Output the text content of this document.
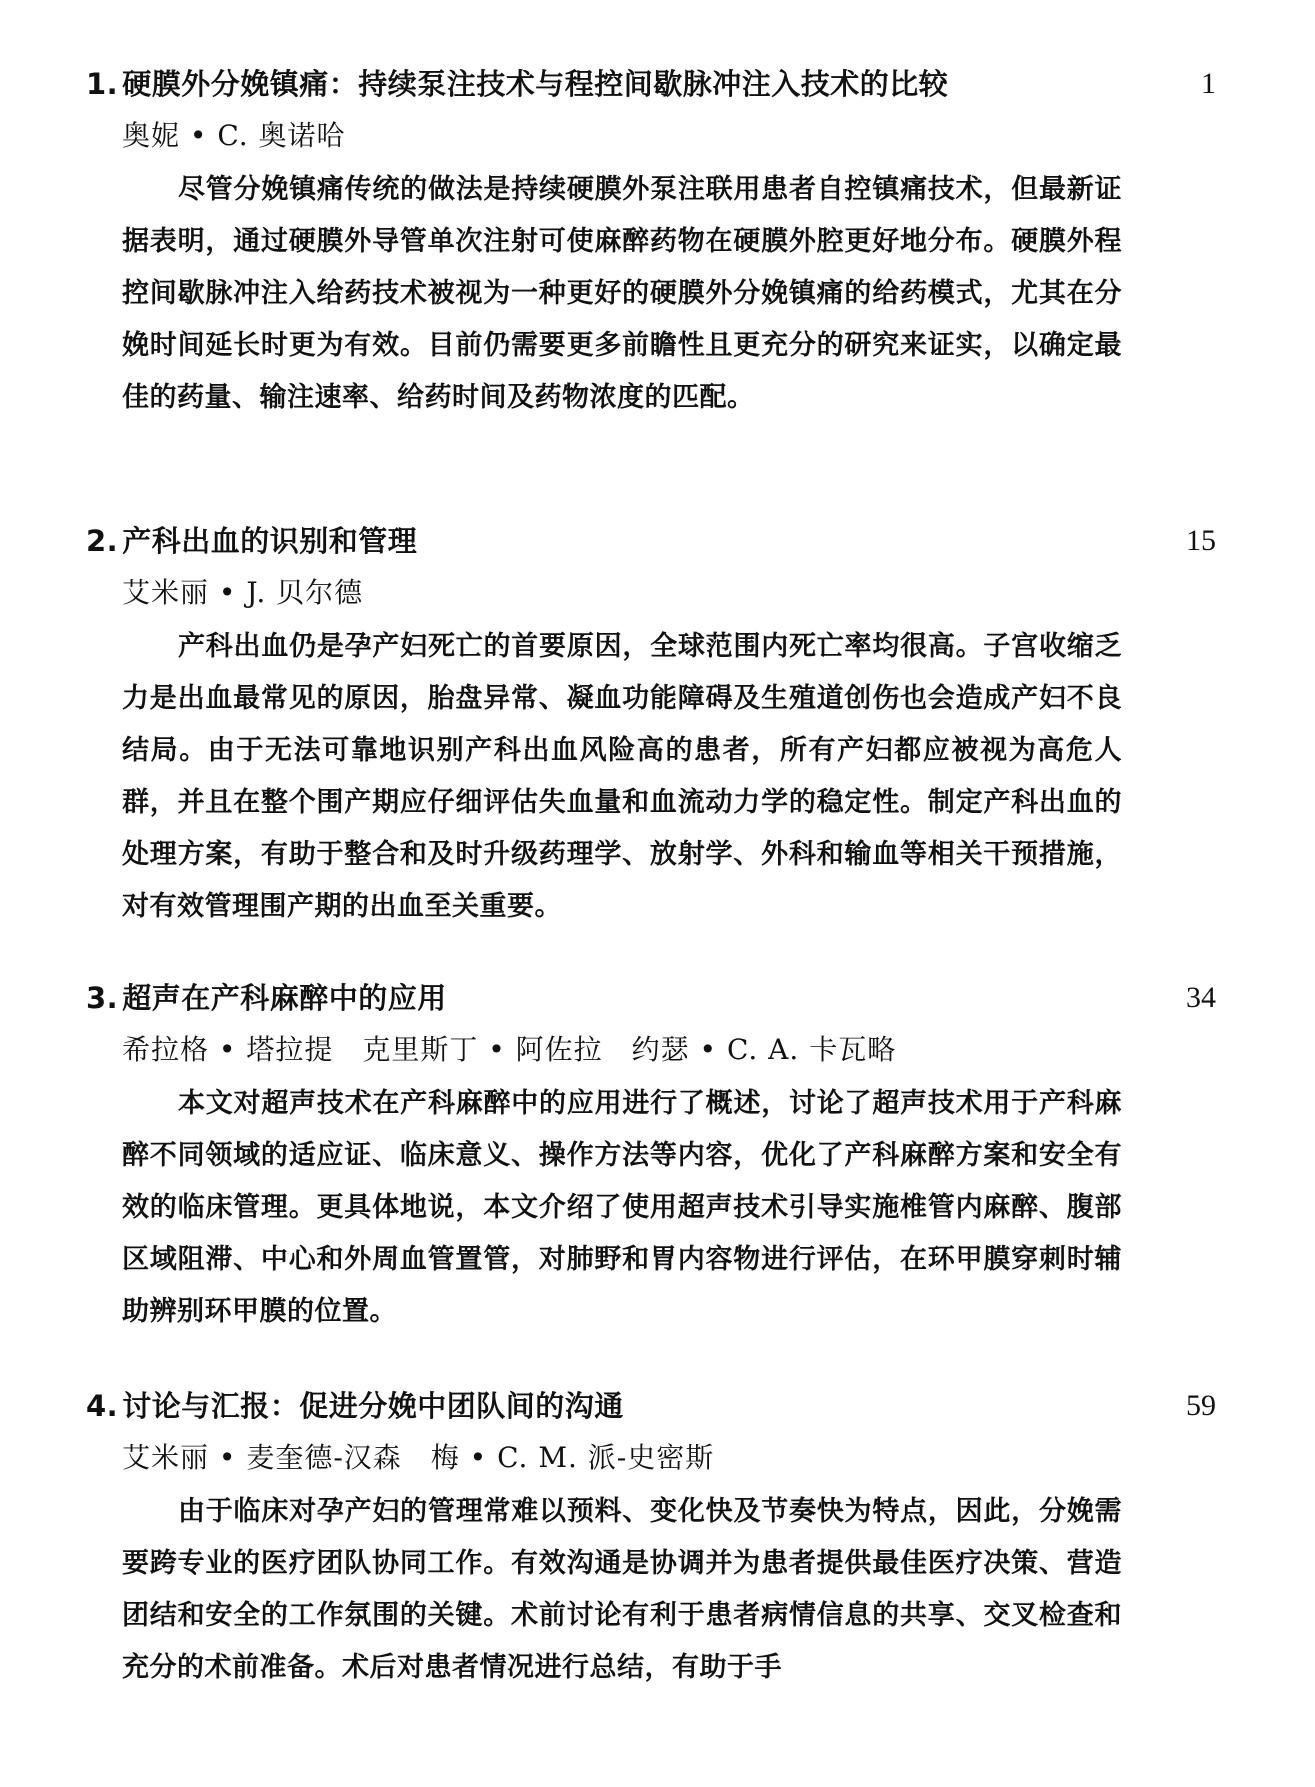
1. 硬膜外分娩镇痛：持续泵注技术与程控间歇脉冲注入技术的比较	1
奥妮 • C. 奥诺哈

尽管分娩镇痛传统的做法是持续硬膜外泵注联用患者自控镇痛技术，但最新证据表明，通过硬膜外导管单次注射可使麻醉药物在硬膜外腔更好地分布。硬膜外程控间歇脉冲注入给药技术被视为一种更好的硬膜外分娩镇痛的给药模式，尤其在分娩时间延长时更为有效。目前仍需要更多前瞻性且更充分的研究来证实，以确定最佳的药量、输注速率、给药时间及药物浓度的匹配。

2. 产科出血的识别和管理	15
艾米丽 • J. 贝尔德

产科出血仍是孕产妇死亡的首要原因，全球范围内死亡率均很高。子宫收缩乏力是出血最常见的原因，胎盘异常、凝血功能障碍及生殖道创伤也会造成产妇不良结局。由于无法可靠地识别产科出血风险高的患者，所有产妇都应被视为高危人群，并且在整个围产期应仔细评估失血量和血流动力学的稳定性。制定产科出血的处理方案，有助于整合和及时升级药理学、放射学、外科和输血等相关干预措施，对有效管理围产期的出血至关重要。

3. 超声在产科麻醉中的应用	34
希拉格 • 塔拉提　克里斯丁 • 阿佐拉　约瑟 • C. A. 卡瓦略

本文对超声技术在产科麻醉中的应用进行了概述，讨论了超声技术用于产科麻醉不同领域的适应证、临床意义、操作方法等内容，优化了产科麻醉方案和安全有效的临床管理。更具体地说，本文介绍了使用超声技术引导实施椎管内麻醉、腹部区域阻滞、中心和外周血管置管，对肺野和胃内容物进行评估，在环甲膜穿刺时辅助辨别环甲膜的位置。

4. 讨论与汇报：促进分娩中团队间的沟通	59
艾米丽 • 麦奎德-汉森　梅 • C. M. 派-史密斯

由于临床对孕产妇的管理常难以预料、变化快及节奏快为特点，因此，分娩需要跨专业的医疗团队协同工作。有效沟通是协调并为患者提供最佳医疗决策、营造团结和安全的工作氛围的关键。术前讨论有利于患者病情信息的共享、交叉检查和充分的术前准备。术后对患者情况进行总结，有助于手
